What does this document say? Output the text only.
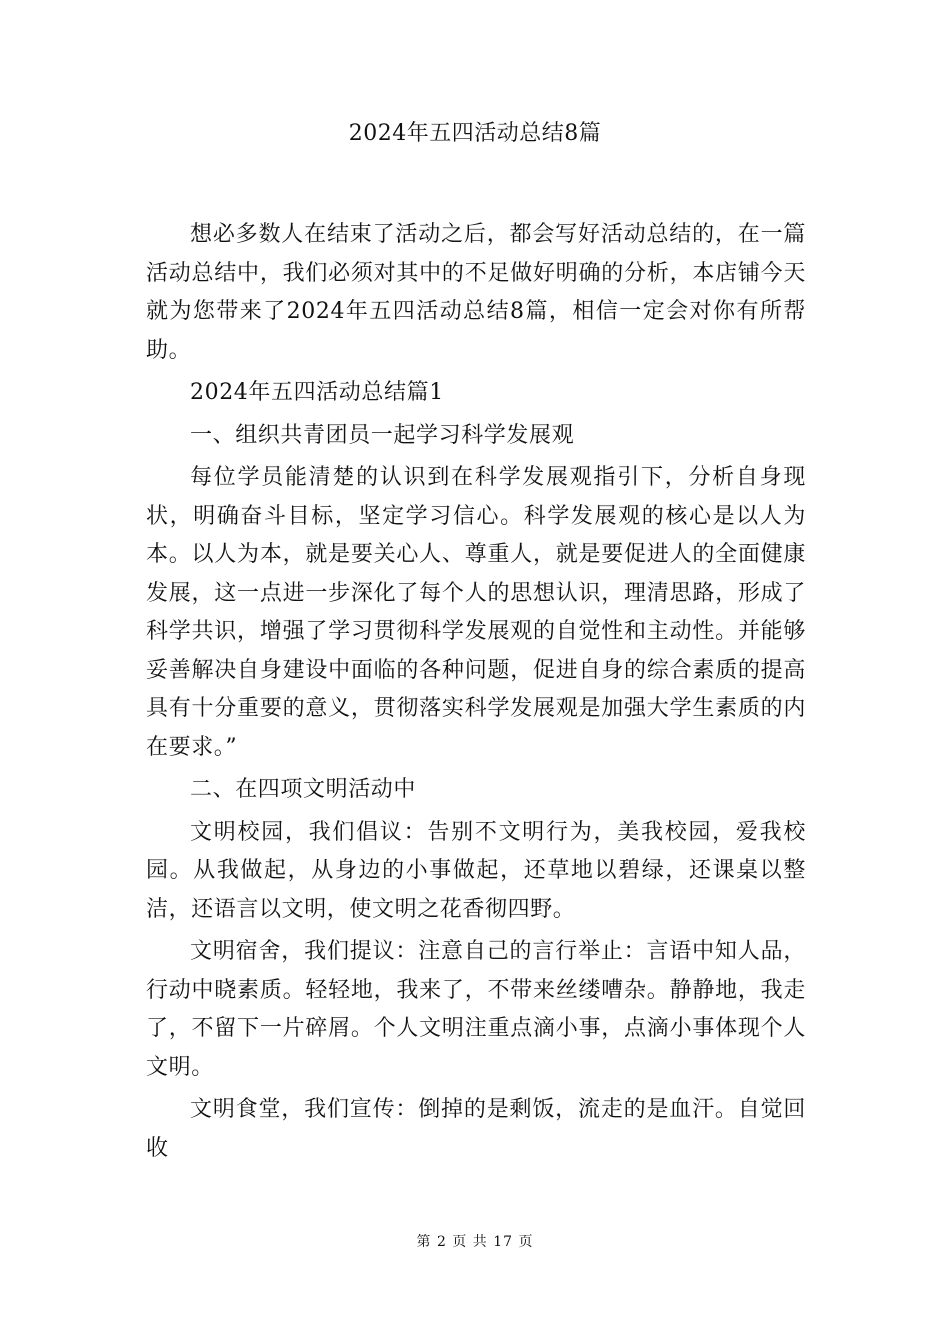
2024年五四活动总结8篇

想必多数人在结束了活动之后，都会写好活动总结的，在一篇活动总结中，我们必须对其中的不足做好明确的分析，本店铺今天就为您带来了2024年五四活动总结8篇，相信一定会对你有所帮助。

2024年五四活动总结篇1

一、组织共青团员一起学习科学发展观

每位学员能清楚的认识到在科学发展观指引下，分析自身现状，明确奋斗目标，坚定学习信心。科学发展观的核心是以人为本。以人为本，就是要关心人、尊重人，就是要促进人的全面健康发展，这一点进一步深化了每个人的思想认识，理清思路，形成了科学共识，增强了学习贯彻科学发展观的自觉性和主动性。并能够妥善解决自身建设中面临的各种问题，促进自身的综合素质的提高具有十分重要的意义，贯彻落实科学发展观是加强大学生素质的内在要求。”

二、在四项文明活动中

文明校园，我们倡议：告别不文明行为，美我校园，爱我校园。从我做起，从身边的小事做起，还草地以碧绿，还课桌以整洁，还语言以文明，使文明之花香彻四野。

文明宿舍，我们提议：注意自己的言行举止：言语中知人品，行动中晓素质。轻轻地，我来了，不带来丝缕嘈杂。静静地，我走了，不留下一片碎屑。个人文明注重点滴小事，点滴小事体现个人文明。

文明食堂，我们宣传：倒掉的是剩饭，流走的是血汗。自觉回收

第 2 页 共 17 页
